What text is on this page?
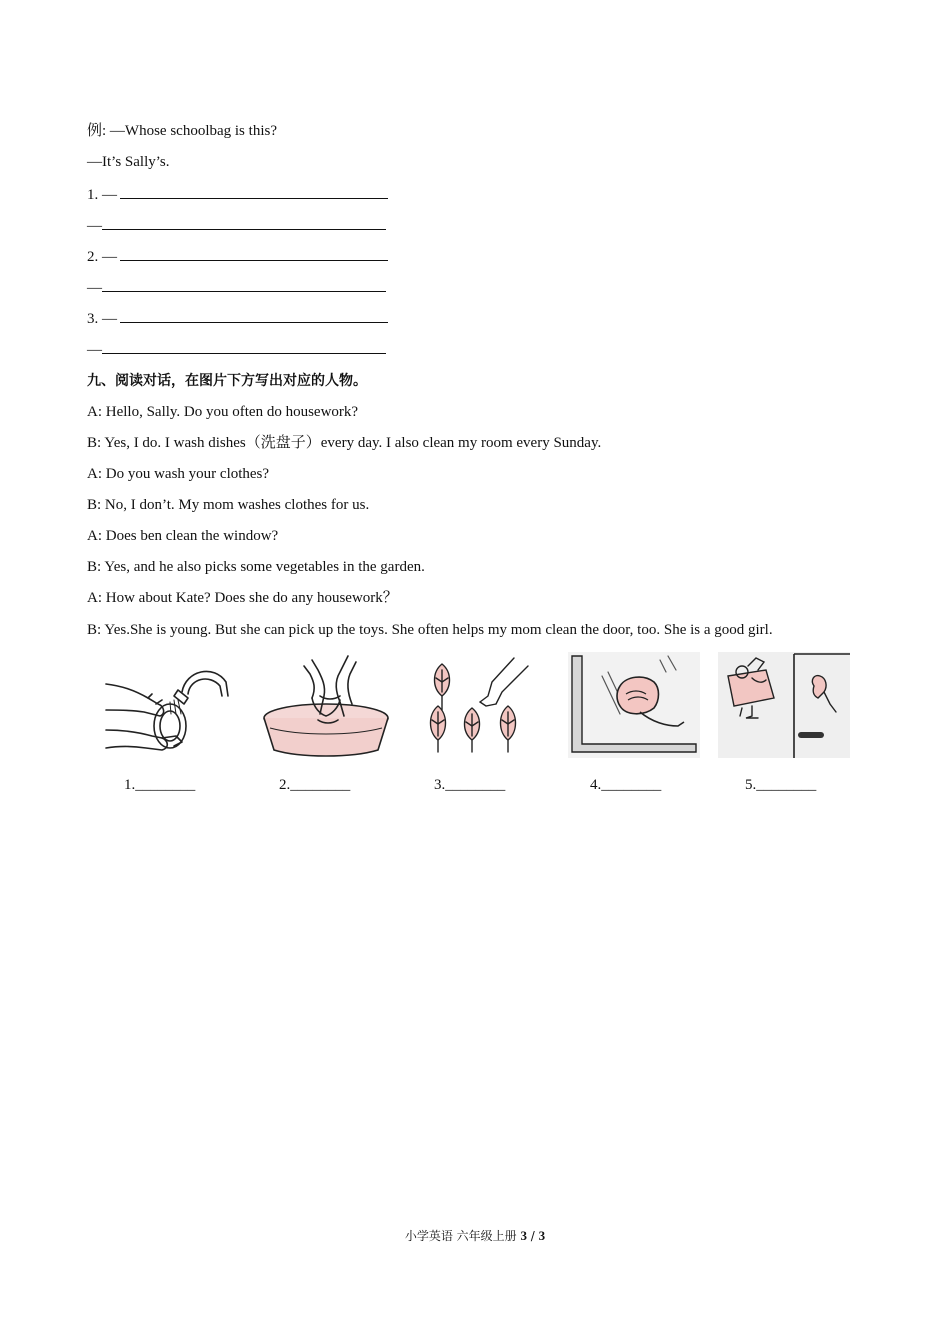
例: —Whose schoolbag is this?
—It’s Sally’s.
1. —
—
2. —
—
3. —
—
九、阅读对话，在图片下方写出对应的人物。
A: Hello, Sally. Do you often do housework?
B: Yes, I do. I wash dishes（洗盘子）every day. I also clean my room every Sunday.
A: Do you wash your clothes?
B: No, I don’t. My mom washes clothes for us.
A: Does ben clean the window?
B: Yes, and he also picks some vegetables in the garden.
A: How about Kate? Does she do any housework？
B: Yes.She is young. But she can pick up the toys. She often helps my mom clean the door, too. She is a good girl.
1.________	2.________	3.________	4.________	5.________
小学英语 六年级上册 3 / 3
